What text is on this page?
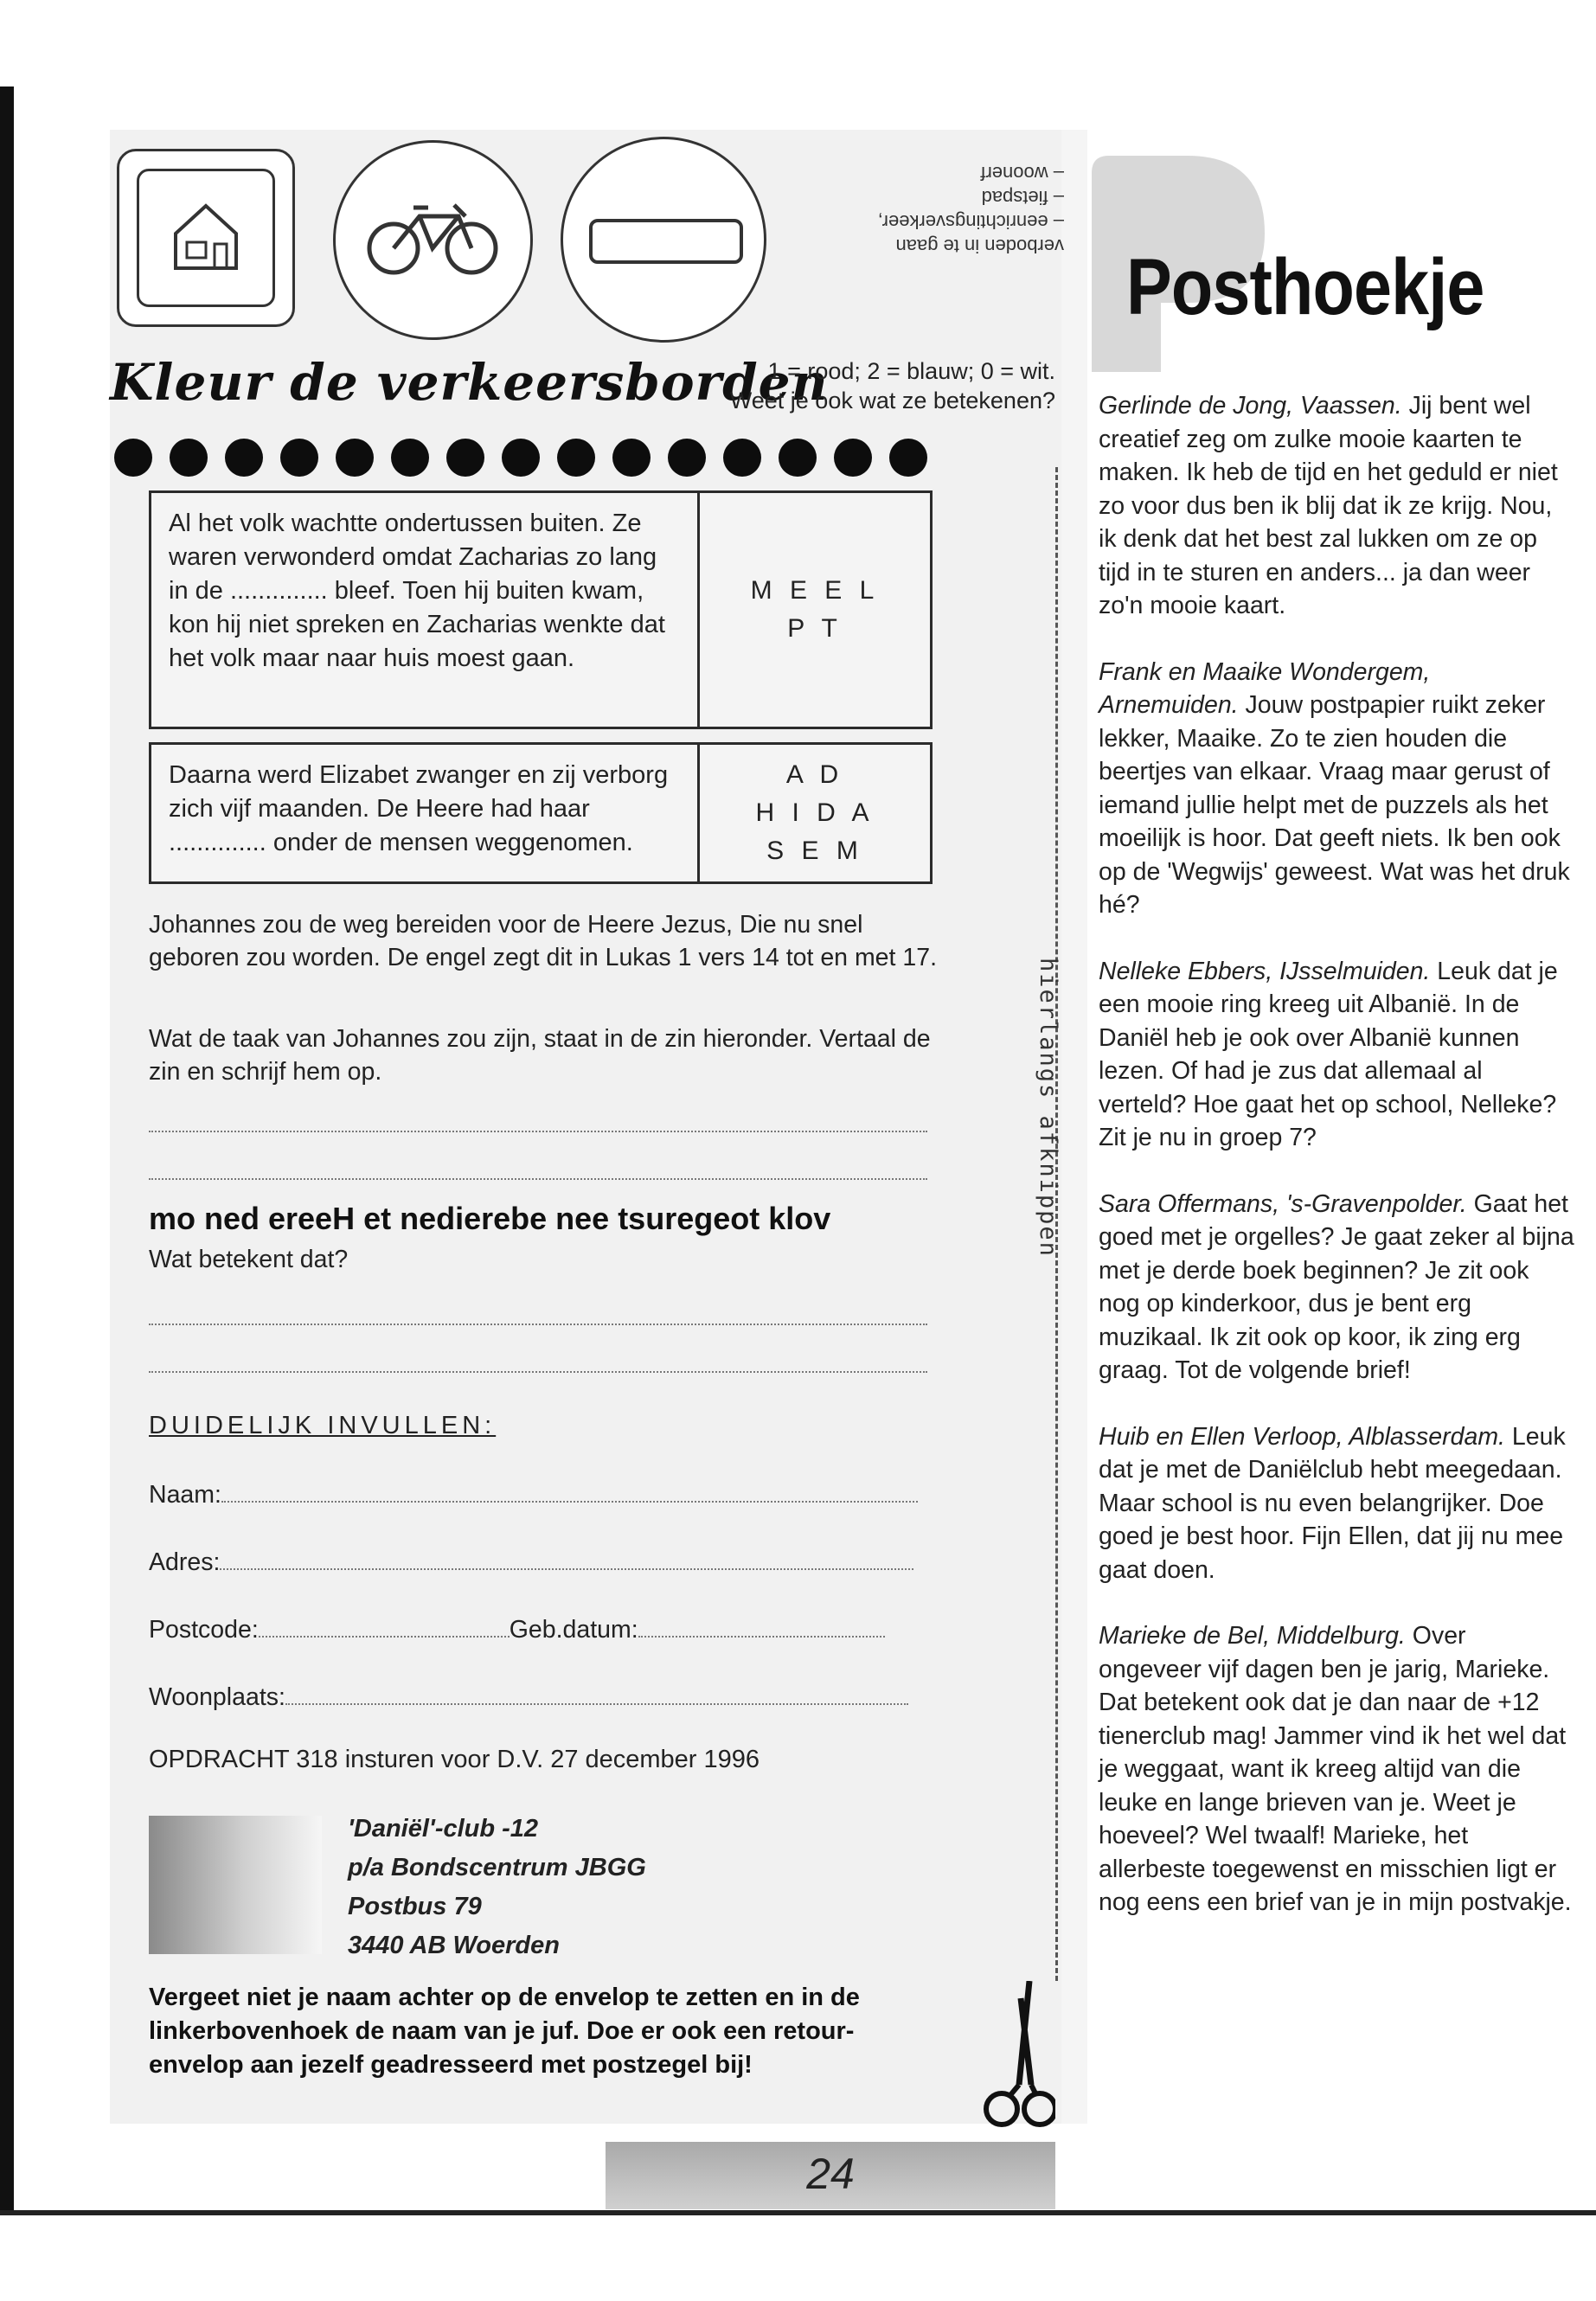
verboden in te gaan
– eenrichtingsverkeer,
– fietspad
– woonerf
Kleur de verkeersborden
1 = rood; 2 = blauw; 0 = wit.
Weet je ook wat ze betekenen?
Al het volk wachtte ondertussen buiten. Ze waren verwonderd omdat Zacharias zo lang in de .............. bleef. Toen hij buiten kwam, kon hij niet spreken en Zacharias wenkte dat het volk maar naar huis moest gaan.
M E E L
P T
Daarna werd Elizabet zwanger en zij verborg zich vijf maanden. De Heere had haar .............. onder de mensen weggenomen.
A D
H I D A
S E M
Johannes zou de weg bereiden voor de Heere Jezus, Die nu snel geboren zou worden. De engel zegt dit in Lukas 1 vers 14 tot en met 17.
Wat de taak van Johannes zou zijn, staat in de zin hieronder. Vertaal de zin en schrijf hem op.
mo ned ereeH et nedierebe nee tsuregeot klov
Wat betekent dat?
DUIDELIJK INVULLEN:
Naam:
Adres:
Postcode:	Geb.datum:
Woonplaats:
OPDRACHT 318 insturen voor D.V. 27 december 1996
'Daniël'-club -12
p/a Bondscentrum JBGG
Postbus 79
3440 AB Woerden
Vergeet niet je naam achter op de envelop te zetten en in de linkerbovenhoek de naam van je juf. Doe er ook een retour-envelop aan jezelf geadresseerd met postzegel bij!
hierlangs afknippen
24
Posthoekje

Gerlinde de Jong, Vaassen. Jij bent wel creatief zeg om zulke mooie kaarten te maken. Ik heb de tijd en het geduld er niet zo voor dus ben ik blij dat ik ze krijg. Nou, ik denk dat het best zal lukken om ze op tijd in te sturen en anders... ja dan weer zo'n mooie kaart.

Frank en Maaike Wondergem, Arnemuiden. Jouw postpapier ruikt zeker lekker, Maaike. Zo te zien houden die beertjes van elkaar. Vraag maar gerust of iemand jullie helpt met de puzzels als het moeilijk is hoor. Dat geeft niets. Ik ben ook op de 'Wegwijs' geweest. Wat was het druk hé?

Nelleke Ebbers, IJsselmuiden. Leuk dat je een mooie ring kreeg uit Albanië. In de Daniël heb je ook over Albanië kunnen lezen. Of had je zus dat allemaal al verteld? Hoe gaat het op school, Nelleke? Zit je nu in groep 7?

Sara Offermans, 's-Gravenpolder. Gaat het goed met je orgelles? Je gaat zeker al bijna met je derde boek beginnen? Je zit ook nog op kinderkoor, dus je bent erg muzikaal. Ik zit ook op koor, ik zing erg graag. Tot de volgende brief!

Huib en Ellen Verloop, Alblasserdam. Leuk dat je met de Daniëlclub hebt meegedaan. Maar school is nu even belangrijker. Doe goed je best hoor. Fijn Ellen, dat jij nu mee gaat doen.

Marieke de Bel, Middelburg. Over ongeveer vijf dagen ben je jarig, Marieke. Dat betekent ook dat je dan naar de +12 tienerclub mag! Jammer vind ik het wel dat je weggaat, want ik kreeg altijd van die leuke en lange brieven van je. Weet je hoeveel? Wel twaalf! Marieke, het allerbeste toegewenst en misschien ligt er nog eens een brief van je in mijn postvakje.
